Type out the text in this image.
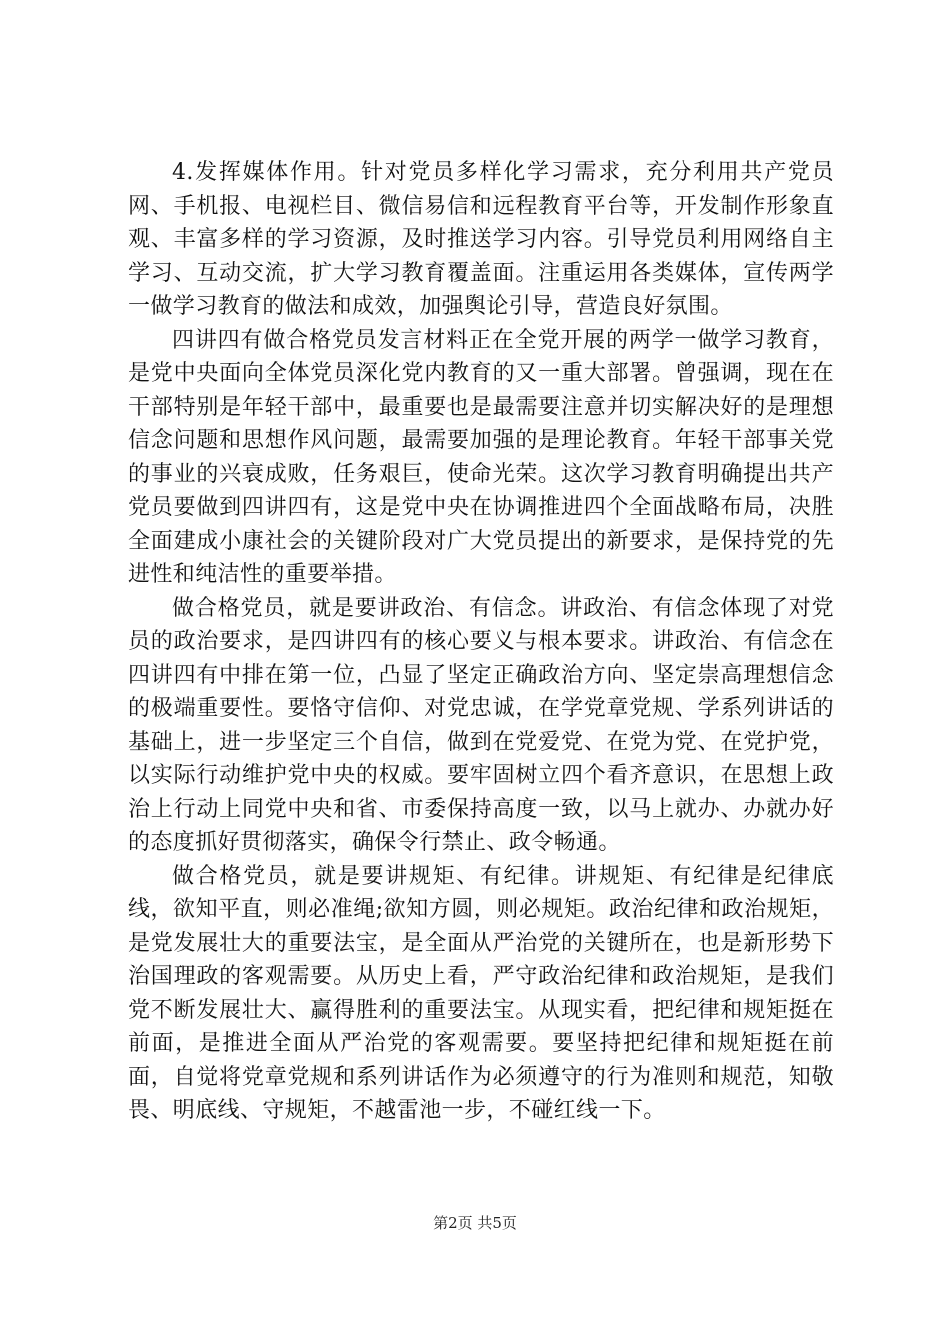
4.发挥媒体作用。针对党员多样化学习需求，充分利用共产党员网、手机报、电视栏目、微信易信和远程教育平台等，开发制作形象直观、丰富多样的学习资源，及时推送学习内容。引导党员利用网络自主学习、互动交流，扩大学习教育覆盖面。注重运用各类媒体，宣传两学一做学习教育的做法和成效，加强舆论引导，营造良好氛围。

四讲四有做合格党员发言材料正在全党开展的两学一做学习教育，是党中央面向全体党员深化党内教育的又一重大部署。曾强调，现在在干部特别是年轻干部中，最重要也是最需要注意并切实解决好的是理想信念问题和思想作风问题，最需要加强的是理论教育。年轻干部事关党的事业的兴衰成败，任务艰巨，使命光荣。这次学习教育明确提出共产党员要做到四讲四有，这是党中央在协调推进四个全面战略布局，决胜全面建成小康社会的关键阶段对广大党员提出的新要求，是保持党的先进性和纯洁性的重要举措。

做合格党员，就是要讲政治、有信念。讲政治、有信念体现了对党员的政治要求，是四讲四有的核心要义与根本要求。讲政治、有信念在四讲四有中排在第一位，凸显了坚定正确政治方向、坚定崇高理想信念的极端重要性。要恪守信仰、对党忠诚，在学党章党规、学系列讲话的基础上，进一步坚定三个自信，做到在党爱党、在党为党、在党护党，以实际行动维护党中央的权威。要牢固树立四个看齐意识，在思想上政治上行动上同党中央和省、市委保持高度一致，以马上就办、办就办好的态度抓好贯彻落实，确保令行禁止、政令畅通。

做合格党员，就是要讲规矩、有纪律。讲规矩、有纪律是纪律底线，欲知平直，则必准绳;欲知方圆，则必规矩。政治纪律和政治规矩，是党发展壮大的重要法宝，是全面从严治党的关键所在，也是新形势下治国理政的客观需要。从历史上看，严守政治纪律和政治规矩，是我们党不断发展壮大、赢得胜利的重要法宝。从现实看，把纪律和规矩挺在前面，是推进全面从严治党的客观需要。要坚持把纪律和规矩挺在前面，自觉将党章党规和系列讲话作为必须遵守的行为准则和规范，知敬畏、明底线、守规矩，不越雷池一步，不碰红线一下。

第2页 共5页
